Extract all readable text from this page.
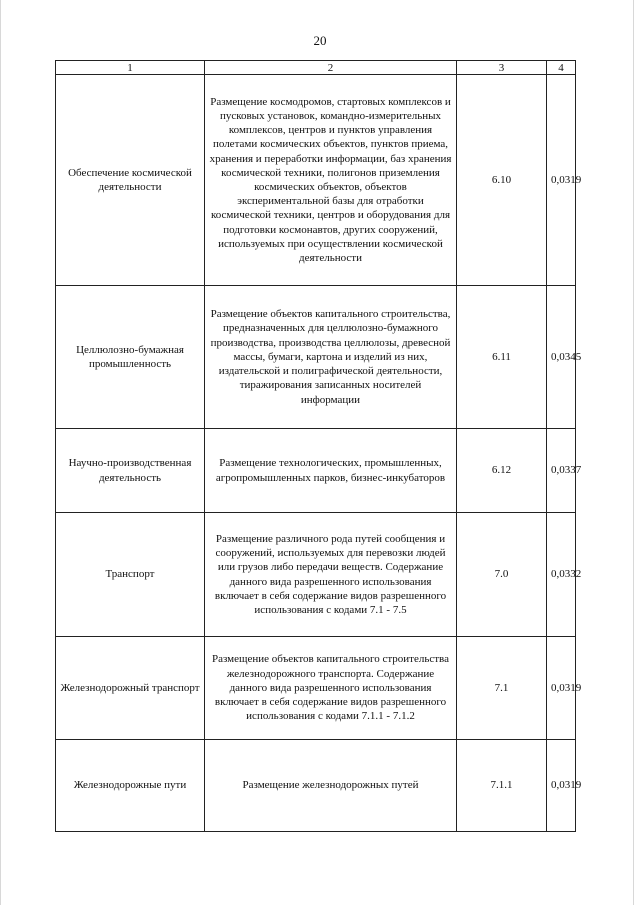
20
1	2	3	4
Обеспечение космической деятельности	Размещение космодромов, стартовых комплексов и пусковых установок, командно-измерительных комплексов, центров и пунктов управления полетами космических объектов, пунктов приема, хранения и переработки информации, баз хранения космической техники, полигонов приземления космических объектов, объектов экспериментальной базы для отработки космической техники, центров и оборудования для подготовки космонавтов, других сооружений, используемых при осуществлении космической деятельности	6.10	0,0319
Целлюлозно-бумажная промышленность	Размещение объектов капитального строительства, предназначенных для целлюлозно-бумажного производства, производства целлюлозы, древесной массы, бумаги, картона и изделий из них, издательской и полиграфической деятельности, тиражирования записанных носителей информации	6.11	0,0345
Научно-производственная деятельность	Размещение технологических, промышленных, агропромышленных парков, бизнес-инкубаторов	6.12	0,0337
Транспорт	Размещение различного рода путей сообщения и сооружений, используемых для перевозки людей или грузов либо передачи веществ. Содержание данного вида разрешенного использования включает в себя содержание видов разрешенного использования с кодами 7.1 - 7.5	7.0	0,0332
Железнодорожный транспорт	Размещение объектов капитального строительства железнодорожного транспорта. Содержание данного вида разрешенного использования включает в себя содержание видов разрешенного использования с кодами 7.1.1 - 7.1.2	7.1	0,0319
Железнодорожные пути	Размещение железнодорожных путей	7.1.1	0,0319
